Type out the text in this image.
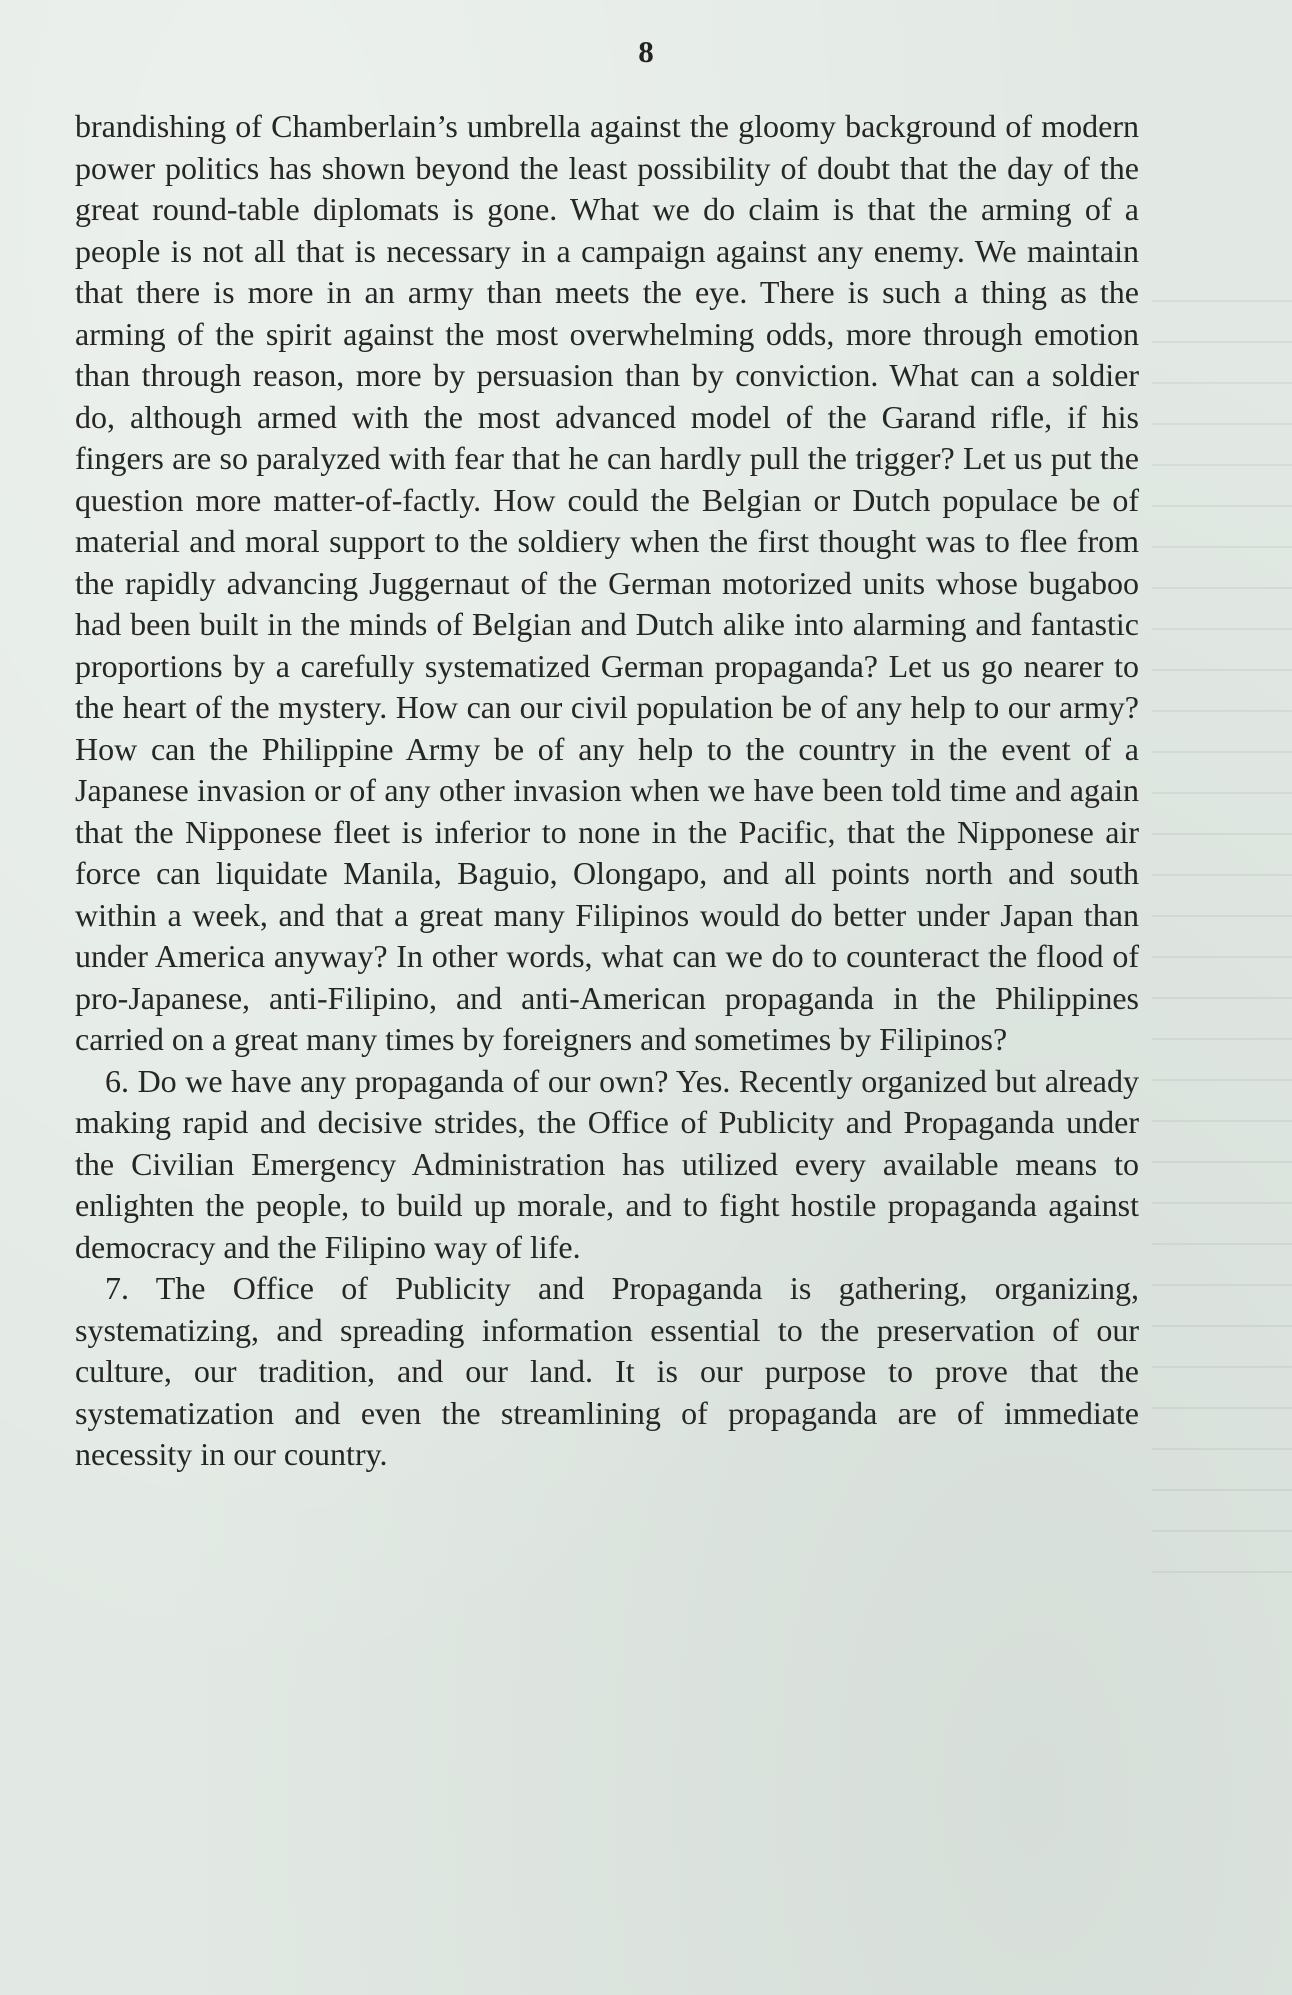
8

brandishing of Chamberlain’s umbrella against the gloomy background of modern power politics has shown beyond the least possibility of doubt that the day of the great round-table diplomats is gone. What we do claim is that the arming of a people is not all that is necessary in a campaign against any enemy. We maintain that there is more in an army than meets the eye. There is such a thing as the arming of the spirit against the most overwhelming odds, more through emotion than through reason, more by persuasion than by conviction. What can a soldier do, although armed with the most advanced model of the Garand rifle, if his fingers are so paralyzed with fear that he can hardly pull the trigger? Let us put the question more matter-of-factly. How could the Belgian or Dutch populace be of material and moral support to the soldiery when the first thought was to flee from the rapidly advancing Juggernaut of the German motorized units whose bugaboo had been built in the minds of Belgian and Dutch alike into alarming and fantastic proportions by a carefully systematized German propaganda? Let us go nearer to the heart of the mystery. How can our civil population be of any help to our army? How can the Philippine Army be of any help to the country in the event of a Japanese invasion or of any other invasion when we have been told time and again that the Nipponese fleet is inferior to none in the Pacific, that the Nipponese air force can liquidate Manila, Baguio, Olongapo, and all points north and south within a week, and that a great many Filipinos would do better under Japan than under America anyway? In other words, what can we do to counteract the flood of pro-Japanese, anti-Filipino, and anti-American propaganda in the Philippines carried on a great many times by foreigners and sometimes by Filipinos?

6. Do we have any propaganda of our own? Yes. Recently organized but already making rapid and decisive strides, the Office of Publicity and Propaganda under the Civilian Emergency Administration has utilized every available means to enlighten the people, to build up morale, and to fight hostile propaganda against democracy and the Filipino way of life.

7. The Office of Publicity and Propaganda is gathering, organizing, systematizing, and spreading information essential to the preservation of our culture, our tradition, and our land. It is our purpose to prove that the systematization and even the streamlining of propaganda are of immediate necessity in our country.
